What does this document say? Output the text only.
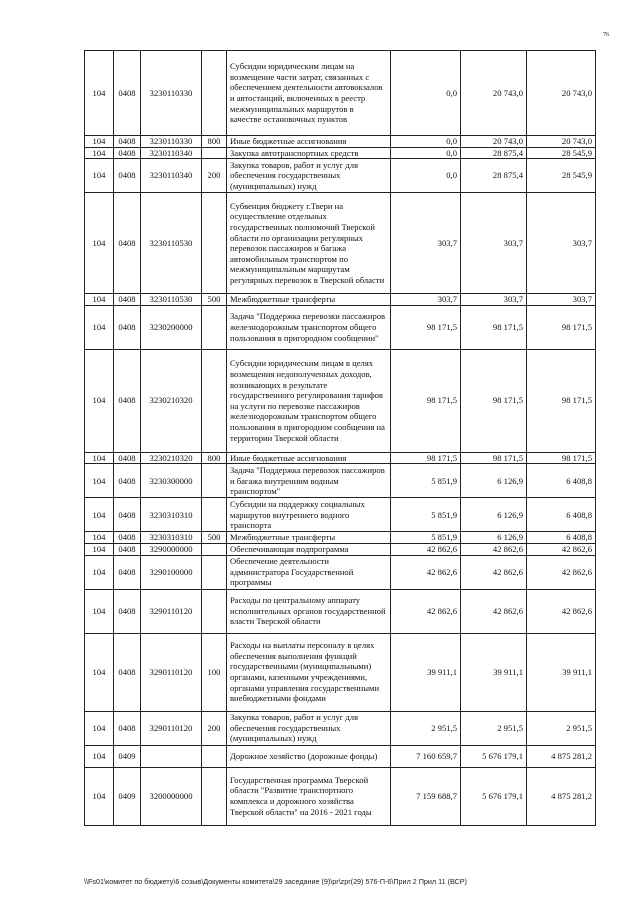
76
104	0408	3230110330		Субсидии юридическим лицам на возмещение части затрат, связанных с обеспечением деятельности автовокзалов и автостанций, включенных в реестр межмуниципальных маршрутов в качестве остановочных пунктов	0,0	20 743,0	20 743,0
104	0408	3230110330	800	Иные бюджетные ассигнования	0,0	20 743,0	20 743,0
104	0408	3230110340		Закупка автотранспортных средств	0,0	28 875,4	28 545,9
104	0408	3230110340	200	Закупка товаров, работ и услуг для обеспечения государственных (муниципальных) нужд	0,0	28 875,4	28 545,9
104	0408	3230110530		Субвенция бюджету г.Твери на осуществление отдельных государственных полномочий Тверской области по организации регулярных перевозок пассажиров и багажа автомобильным транспортом по межмуниципальным маршрутам регулярных перевозок в Тверской области	303,7	303,7	303,7
104	0408	3230110530	500	Межбюджетные трансферты	303,7	303,7	303,7
104	0408	3230200000		Задача "Поддержка перевозки пассажиров железнодорожным транспортом общего пользования в пригородном сообщении"	98 171,5	98 171,5	98 171,5
104	0408	3230210320		Субсидии юридическим лицам в целях возмещения недополученных доходов, возникающих в результате государственного регулирования тарифов на услуги по перевозке пассажиров железнодорожным транспортом общего пользования в пригородном сообщения на территории Тверской области	98 171,5	98 171,5	98 171,5
104	0408	3230210320	800	Иные бюджетные ассигнования	98 171,5	98 171,5	98 171,5
104	0408	3230300000		Задача "Поддержка перевозок пассажиров и багажа внутренним водным транспортом"	5 851,9	6 126,9	6 408,8
104	0408	3230310310		Субсидии на поддержку социальных маршрутов внутреннего водного транспорта	5 851,9	6 126,9	6 408,8
104	0408	3230310310	500	Межбюджетные трансферты	5 851,9	6 126,9	6 408,8
104	0408	3290000000		Обеспечивающая подпрограмма	42 862,6	42 862,6	42 862,6
104	0408	3290100000		Обеспечение деятельности администратора Государственной программы	42 862,6	42 862,6	42 862,6
104	0408	3290110120		Расходы по центральному аппарату исполнительных органов государственной власти Тверской области	42 862,6	42 862,6	42 862,6
104	0408	3290110120	100	Расходы на выплаты персоналу в целях обеспечения выполнения функций государственными (муниципальными) органами, казенными учреждениями, органами управления государственными внебюджетными фондами	39 911,1	39 911,1	39 911,1
104	0408	3290110120	200	Закупка товаров, работ и услуг для обеспечения государственных (муниципальных) нужд	2 951,5	2 951,5	2 951,5
104	0409			Дорожное хозяйство (дорожные фонды)	7 160 659,7	5 676 179,1	4 875 281,2
104	0409	3200000000		Государственная программа Тверской области "Развитие транспортного комплекса и дорожного хозяйства Тверской области" на 2016 - 2021 годы	7 159 688,7	5 676 179,1	4 875 281,2
\\Fs01\комитет по бюджету\6 созыв\Документы комитета\29 заседание (9)\pr\zpr(29) 576-П-6\Прил 2 Прил 11 (ВСР)
